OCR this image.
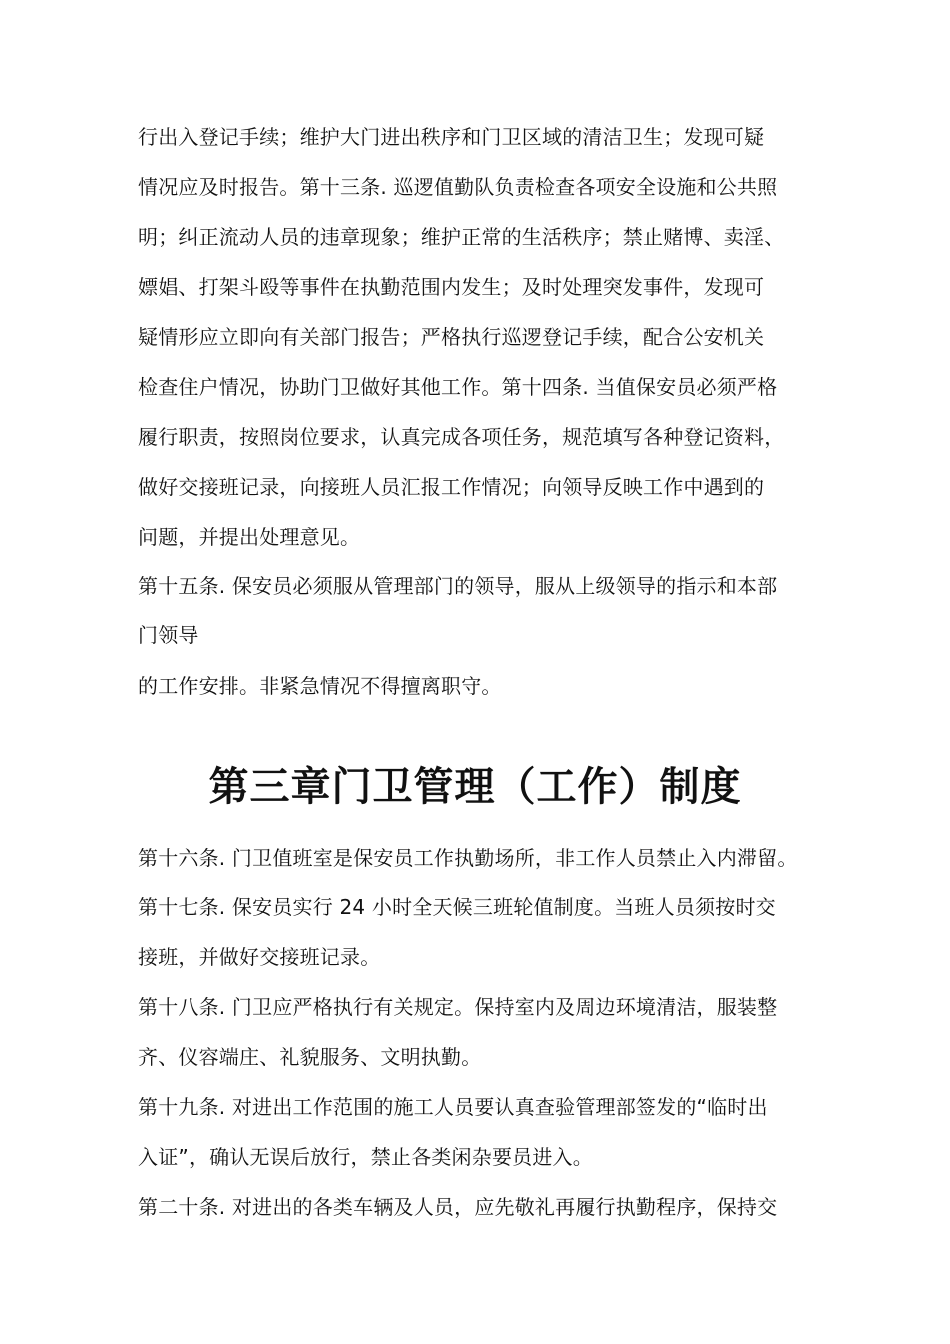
行出入登记手续；维护大门进出秩序和门卫区域的清洁卫生；发现可疑
情况应及时报告。第十三条. 巡逻值勤队负责检查各项安全设施和公共照
明；纠正流动人员的违章现象；维护正常的生活秩序；禁止赌博、卖淫、
嫖娼、打架斗殴等事件在执勤范围内发生；及时处理突发事件，发现可
疑情形应立即向有关部门报告；严格执行巡逻登记手续，配合公安机关
检查住户情况，协助门卫做好其他工作。第十四条. 当值保安员必须严格
履行职责，按照岗位要求，认真完成各项任务，规范填写各种登记资料，
做好交接班记录，向接班人员汇报工作情况；向领导反映工作中遇到的
问题，并提出处理意见。
第十五条. 保安员必须服从管理部门的领导，服从上级领导的指示和本部
门领导
的工作安排。非紧急情况不得擅离职守。
第三章门卫管理（工作）制度
第十六条. 门卫值班室是保安员工作执勤场所，非工作人员禁止入内滞留。
第十七条. 保安员实行 24 小时全天候三班轮值制度。当班人员须按时交
接班，并做好交接班记录。
第十八条. 门卫应严格执行有关规定。保持室内及周边环境清洁，服装整
齐、仪容端庄、礼貌服务、文明执勤。
第十九条. 对进出工作范围的施工人员要认真查验管理部签发的“临时出
入证”，确认无误后放行，禁止各类闲杂要员进入。
第二十条. 对进出的各类车辆及人员，应先敬礼再履行执勤程序，保持交
